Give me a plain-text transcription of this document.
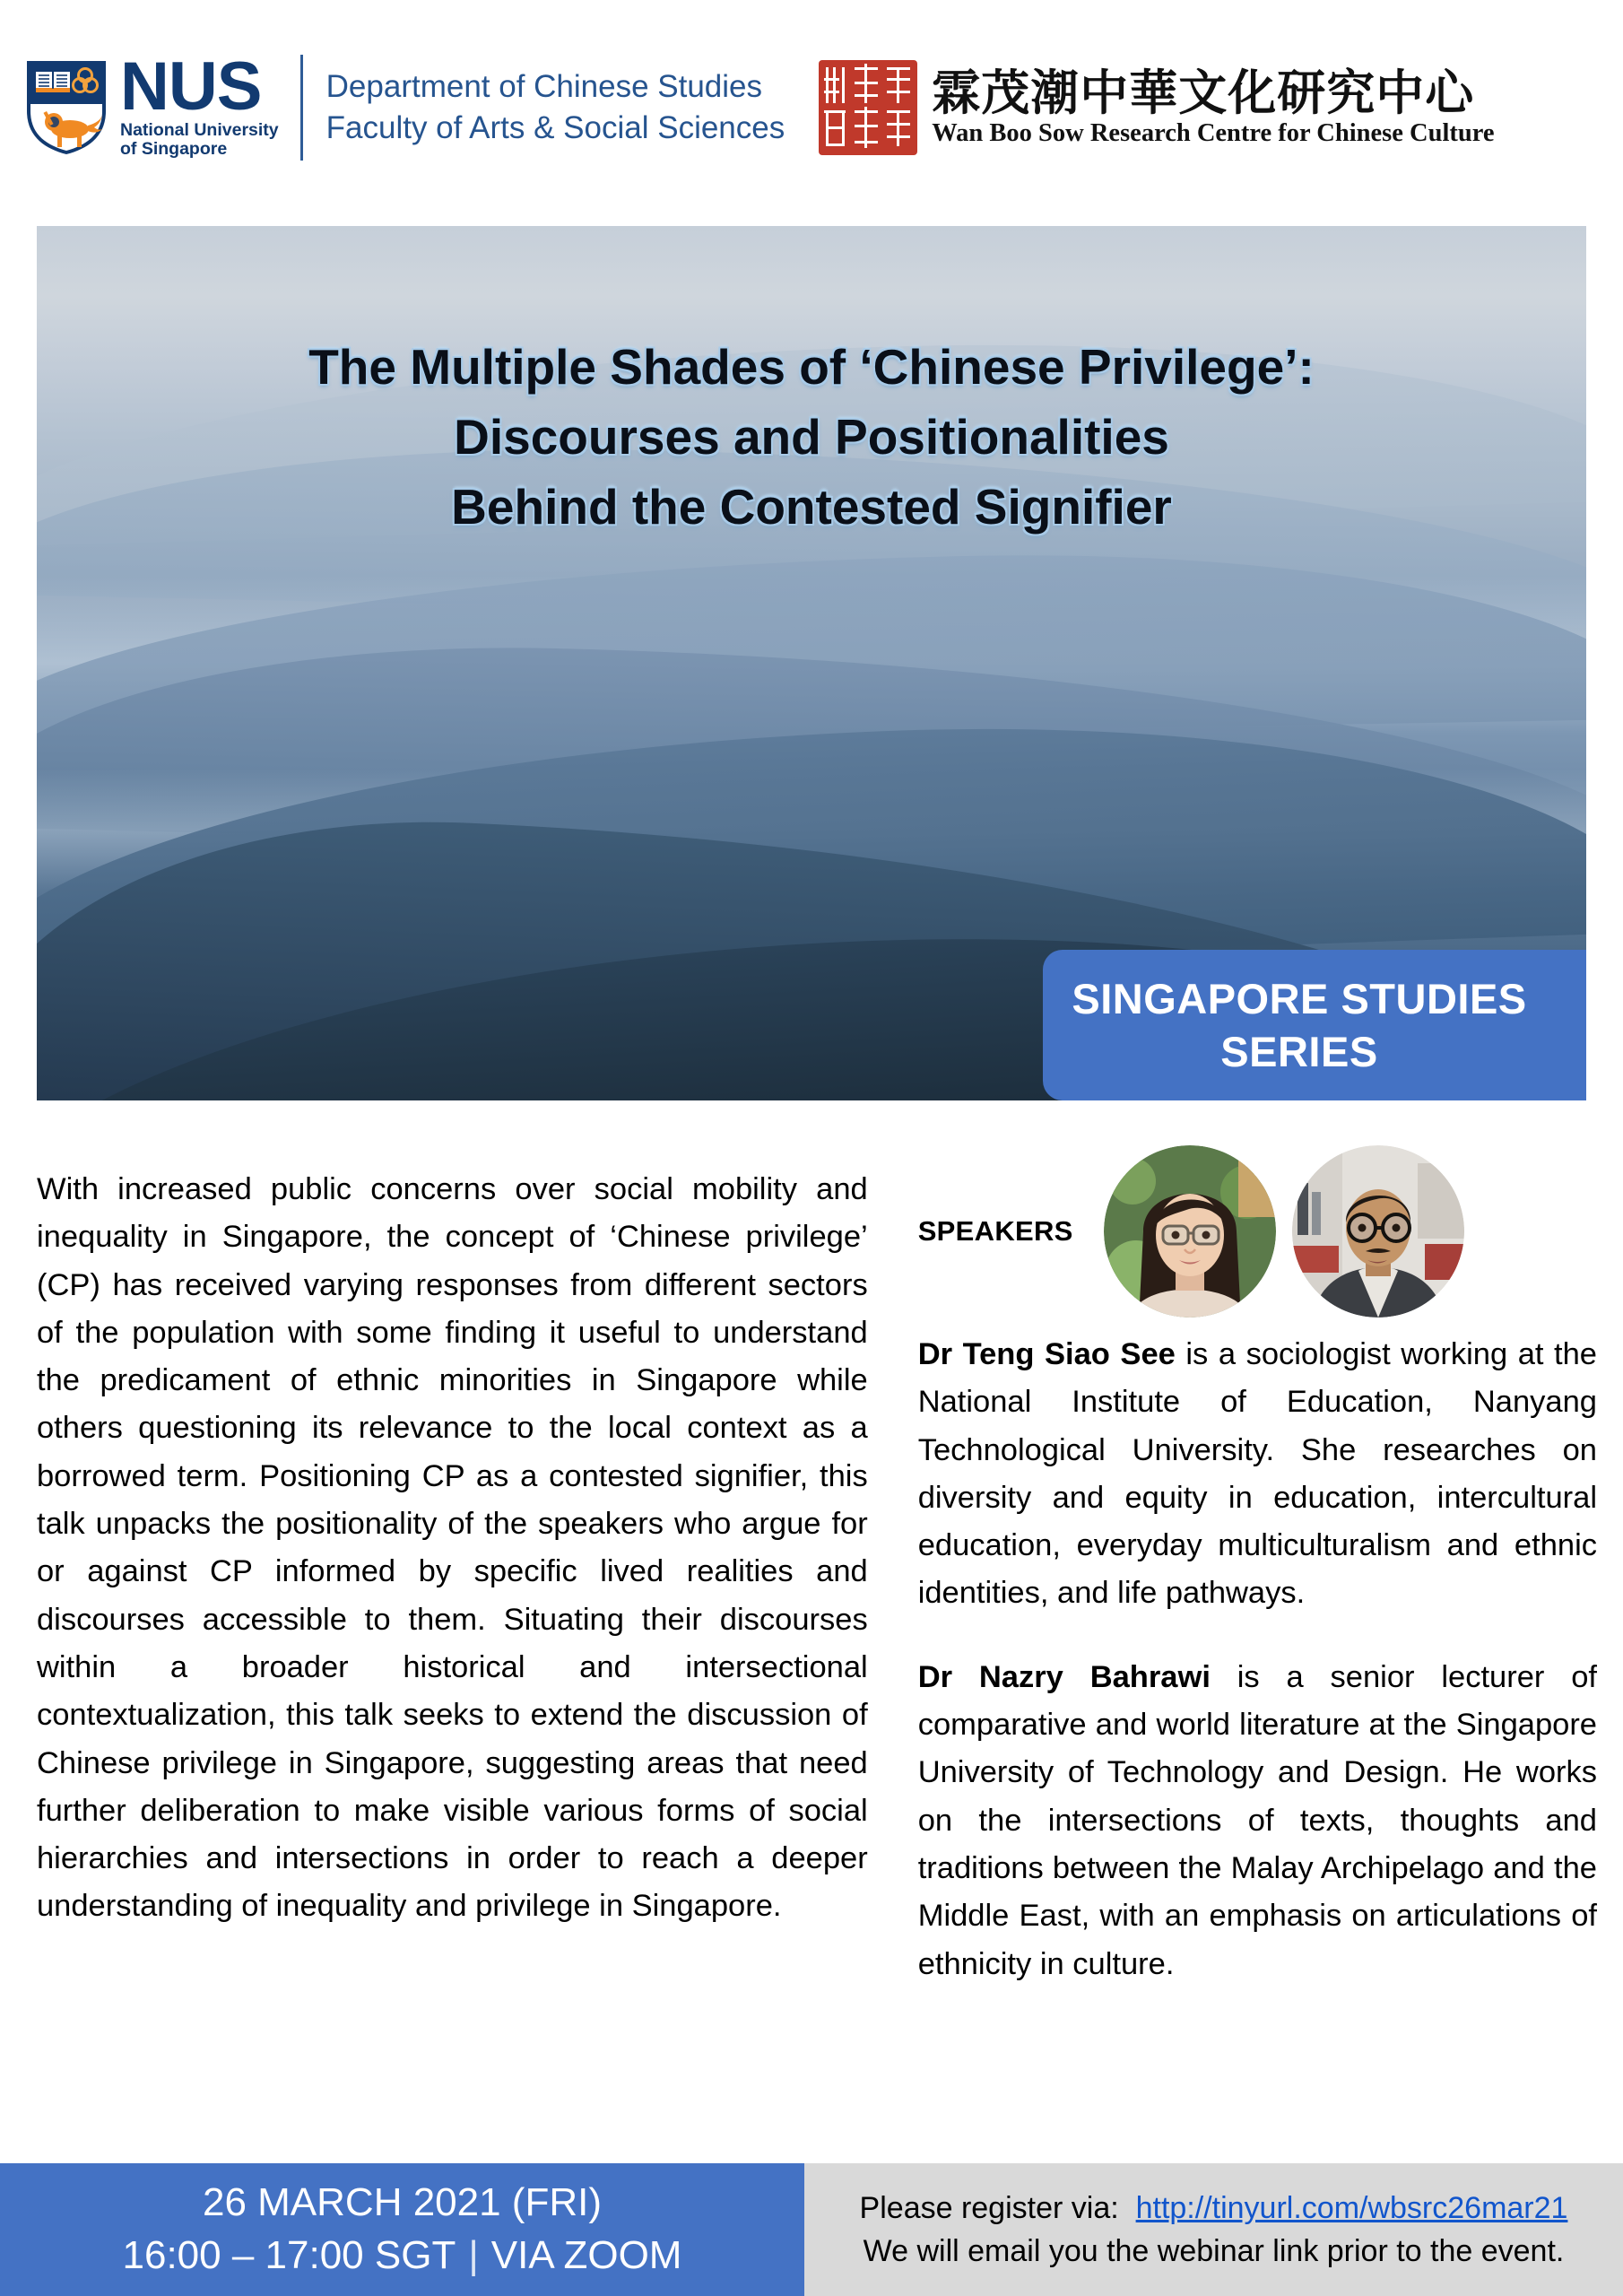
NUS
National University
of Singapore
Department of Chinese Studies
Faculty of Arts & Social Sciences
霖茂潮中華文化研究中心
Wan Boo Sow Research Centre for Chinese Culture
The Multiple Shades of ‘Chinese Privilege’:
Discourses and Positionalities
Behind the Contested Signifier
SINGAPORE STUDIES
SERIES

With increased public concerns over social mobility and inequality in Singapore, the concept of ‘Chinese privilege’ (CP) has received varying responses from different sectors of the population with some finding it useful to understand the predicament of ethnic minorities in Singapore while others questioning its relevance to the local context as a borrowed term. Positioning CP as a contested signifier, this talk unpacks the positionality of the speakers who argue for or against CP informed by specific lived realities and discourses accessible to them. Situating their discourses within a broader historical and intersectional contextualization, this talk seeks to extend the discussion of Chinese privilege in Singapore, suggesting areas that need further deliberation to make visible various forms of social hierarchies and intersections in order to reach a deeper understanding of inequality and privilege in Singapore.

SPEAKERS

Dr Teng Siao See is a sociologist working at the National Institute of Education, Nanyang Technological University. She researches on diversity and equity in education, intercultural education, everyday multiculturalism and ethnic identities, and life pathways.

Dr Nazry Bahrawi is a senior lecturer of comparative and world literature at the Singapore University of Technology and Design. He works on the intersections of texts, thoughts and traditions between the Malay Archipelago and the Middle East, with an emphasis on articulations of ethnicity in culture.

26 MARCH 2021 (FRI)
16:00 – 17:00 SGT | VIA ZOOM
Please register via: http://tinyurl.com/wbsrc26mar21
We will email you the webinar link prior to the event.
